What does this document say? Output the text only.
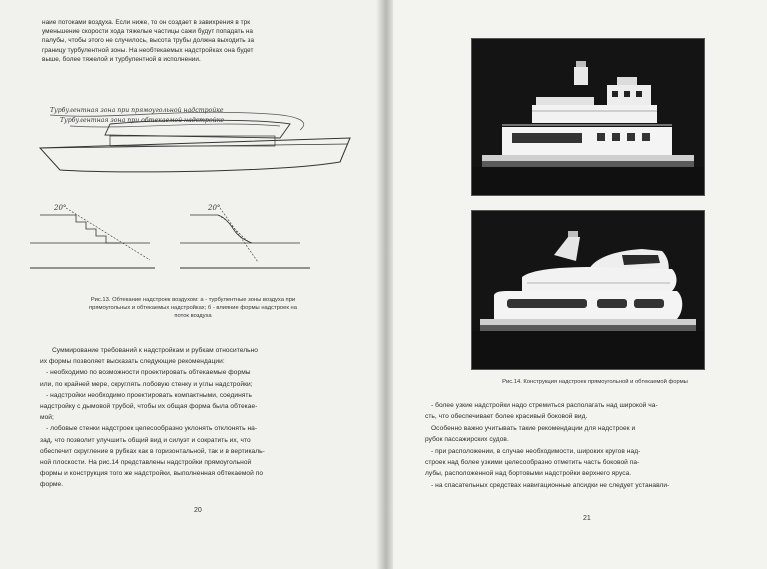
наие потоками воздуха. Если ниже, то он создает в завихрения в трк

уменьшение скорости хода тяжелые частицы сажи будут попадать на

палубы, чтобы этого не случилось, высота трубы должна выходить за

границу турбулентной зоны. На необтекаемых надстройках она будет

выше, более тяжелой и турбулентной в исполнении.

Турбулентная зона при прямоугольной надстройке
Турбулентная зона при обтекаемой надстройке
20°	20°

Рис.13. Обтекание надстроек воздухом: а - турбулентные зоны воздуха при

прямоугольных и обтекаемых надстройках; б - влияние формы надстроек на

поток воздуха

Суммирование требований к надстройкам и рубкам относительно

их формы позволяет высказать следующие рекомендации:

- необходимо по возможности проектировать обтекаемые формы

или, по крайней мере, скруглять лобовую стенку и углы надстройки;

- надстройки необходимо проектировать компактными, соединять

надстройку с дымовой трубой, чтобы их общая форма была обтекае-

мой;

- лобовые стенки надстроек целесообразно уклонять отклонять на-

зад, что позволит улучшить общий вид и силуэт и сократить их, что

обеспечит скругление в рубках как в горизонтальной, так и в вертикаль-

ной плоскости. На рис.14 представлены надстройки прямоугольной

формы и конструкция того же надстройки, выполненная обтекаемой по

форме.

20
Рис.14. Конструкция надстроек прямоугольной и обтекаемой формы

- более узкие надстройки надо стремиться располагать над широкой ча-

сть, что обеспечивает более красивый боковой вид.

Особенно важно учитывать такие рекомендации для надстроек и

рубок пассажирских судов.

- при расположении, в случае необходимости, широких кругов над-

строек над более узкими целесообразно отметить часть боковой па-

лубы, расположенной над бортовыми надстройки верхнего яруса.

- на спасательных средствах навигационные апсидки не следует устанавли-

21
